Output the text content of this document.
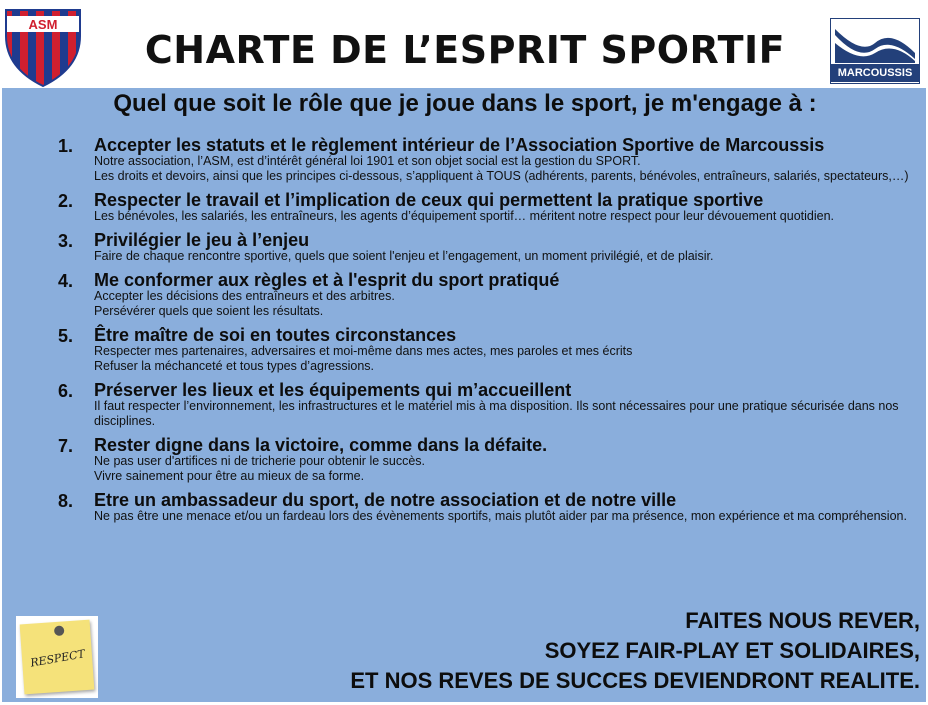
ASM
CHARTE DE L’ESPRIT SPORTIF
MARCOUSSIS
Quel que soit le rôle que je joue dans le sport, je m'engage à :
1. Accepter les statuts et le règlement intérieur de l’Association Sportive de Marcoussis
Notre association, l’ASM, est d’intérêt général loi 1901 et son objet social est la gestion du SPORT.
Les droits et devoirs, ainsi que les principes ci-dessous, s’appliquent à TOUS (adhérents, parents, bénévoles, entraîneurs, salariés, spectateurs,…)
2. Respecter le travail et l’implication de ceux qui permettent la pratique sportive
Les bénévoles, les salariés, les entraîneurs, les agents d’équipement sportif… méritent notre respect pour leur dévouement quotidien.
3. Privilégier le jeu à l’enjeu
Faire de chaque rencontre sportive, quels que soient l'enjeu et l’engagement, un moment privilégié, et de plaisir.
4. Me conformer aux règles et à l'esprit du sport pratiqué
Accepter les décisions des entraîneurs et des arbitres.
Persévérer quels que soient les résultats.
5. Être maître de soi en toutes circonstances
Respecter mes partenaires, adversaires et moi-même dans mes actes, mes paroles et mes écrits
Refuser la méchanceté et tous types d’agressions.
6. Préserver les lieux et les équipements qui m’accueillent
Il faut respecter l’environnement, les infrastructures et le matériel mis à ma disposition. Ils sont nécessaires pour une pratique sécurisée dans nos disciplines.
7. Rester digne dans la victoire, comme dans la défaite.
Ne pas user d'artifices ni de tricherie pour obtenir le succès.
Vivre sainement pour être au mieux de sa forme.
8. Etre un ambassadeur du sport, de notre association et de notre ville
Ne pas être une menace et/ou un fardeau lors des évènements sportifs, mais plutôt aider par ma présence, mon expérience et ma compréhension.
RESPECT
FAITES NOUS REVER,
SOYEZ FAIR-PLAY ET SOLIDAIRES,
ET NOS REVES DE SUCCES DEVIENDRONT REALITE.
